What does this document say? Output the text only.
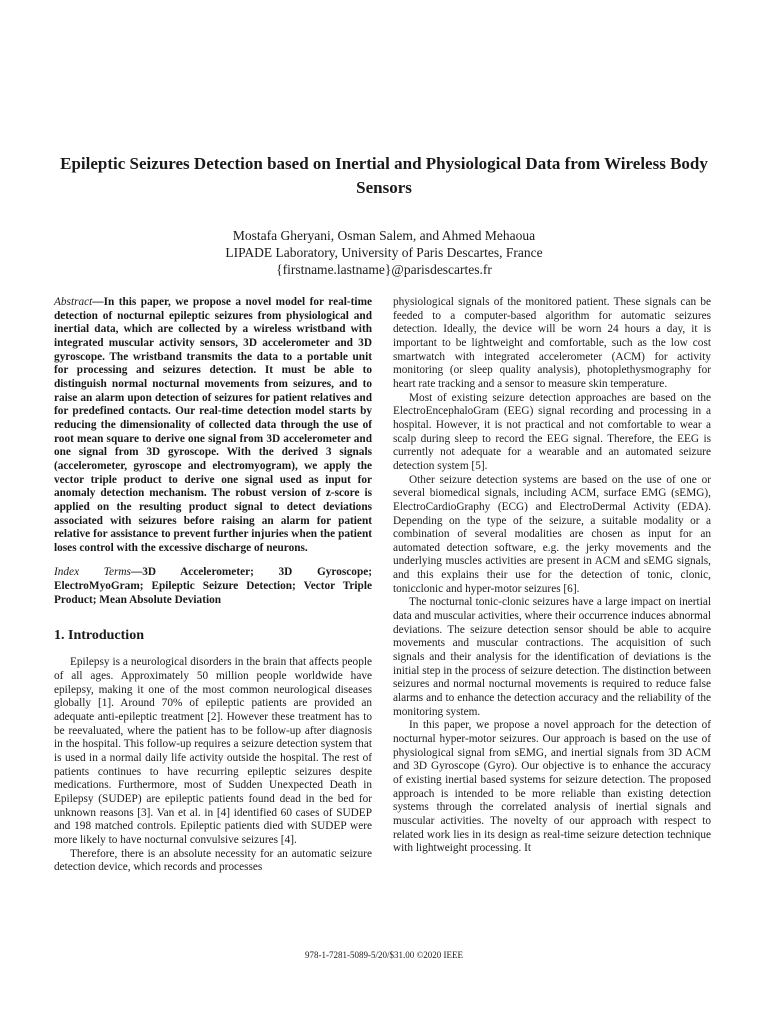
Epileptic Seizures Detection based on Inertial and Physiological Data from Wireless Body Sensors
Mostafa Gheryani, Osman Salem, and Ahmed Mehaoua
LIPADE Laboratory, University of Paris Descartes, France
{firstname.lastname}@parisdescartes.fr

Abstract—In this paper, we propose a novel model for real-time detection of nocturnal epileptic seizures from physiological and inertial data, which are collected by a wireless wristband with integrated muscular activity sensors, 3D accelerometer and 3D gyroscope. The wristband transmits the data to a portable unit for processing and seizures detection. It must be able to distinguish normal nocturnal movements from seizures, and to raise an alarm upon detection of seizures for patient relatives and for predefined contacts. Our real-time detection model starts by reducing the dimensionality of collected data through the use of root mean square to derive one signal from 3D accelerometer and one signal from 3D gyroscope. With the derived 3 signals (accelerometer, gyroscope and electromyogram), we apply the vector triple product to derive one signal used as input for anomaly detection mechanism. The robust version of z-score is applied on the resulting product signal to detect deviations associated with seizures before raising an alarm for patient relative for assistance to prevent further injuries when the patient loses control with the excessive discharge of neurons.

Index Terms—3D Accelerometer; 3D Gyroscope; ElectroMyoGram; Epileptic Seizure Detection; Vector Triple Product; Mean Absolute Deviation

1. Introduction

Epilepsy is a neurological disorders in the brain that affects people of all ages. Approximately 50 million people worldwide have epilepsy, making it one of the most common neurological diseases globally [1]. Around 70% of epileptic patients are provided an adequate anti-epileptic treatment [2]. However these treatment has to be reevaluated, where the patient has to be follow-up after diagnosis in the hospital. This follow-up requires a seizure detection system that is used in a normal daily life activity outside the hospital. The rest of patients continues to have recurring epileptic seizures despite medications. Furthermore, most of Sudden Unexpected Death in Epilepsy (SUDEP) are epileptic patients found dead in the bed for unknown reasons [3]. Van et al. in [4] identified 60 cases of SUDEP and 198 matched controls. Epileptic patients died with SUDEP were more likely to have nocturnal convulsive seizures [4].

Therefore, there is an absolute necessity for an automatic seizure detection device, which records and processes

physiological signals of the monitored patient. These signals can be feeded to a computer-based algorithm for automatic seizures detection. Ideally, the device will be worn 24 hours a day, it is important to be lightweight and comfortable, such as the low cost smartwatch with integrated accelerometer (ACM) for activity monitoring (or sleep quality analysis), photoplethysmography for heart rate tracking and a sensor to measure skin temperature.

Most of existing seizure detection approaches are based on the ElectroEncephaloGram (EEG) signal recording and processing in a hospital. However, it is not practical and not comfortable to wear a scalp during sleep to record the EEG signal. Therefore, the EEG is currently not adequate for a wearable and an automated seizure detection system [5].

Other seizure detection systems are based on the use of one or several biomedical signals, including ACM, surface EMG (sEMG), ElectroCardioGraphy (ECG) and ElectroDermal Activity (EDA). Depending on the type of the seizure, a suitable modality or a combination of several modalities are chosen as input for an automated detection software, e.g. the jerky movements and the underlying muscles activities are present in ACM and sEMG signals, and this explains their use for the detection of tonic, clonic, tonicclonic and hyper-motor seizures [6].

The nocturnal tonic-clonic seizures have a large impact on inertial data and muscular activities, where their occurrence induces abnormal deviations. The seizure detection sensor should be able to acquire movements and muscular contractions. The acquisition of such signals and their analysis for the identification of deviations is the initial step in the process of seizure detection. The distinction between seizures and normal nocturnal movements is required to reduce false alarms and to enhance the detection accuracy and the reliability of the monitoring system.

In this paper, we propose a novel approach for the detection of nocturnal hyper-motor seizures. Our approach is based on the use of physiological signal from sEMG, and inertial signals from 3D ACM and 3D Gyroscope (Gyro). Our objective is to enhance the accuracy of existing inertial based systems for seizure detection. The proposed approach is intended to be more reliable than existing detection systems through the correlated analysis of inertial signals and muscular activities. The novelty of our approach with respect to related work lies in its design as real-time seizure detection technique with lightweight processing. It

978-1-7281-5089-5/20/$31.00 ©2020 IEEE
